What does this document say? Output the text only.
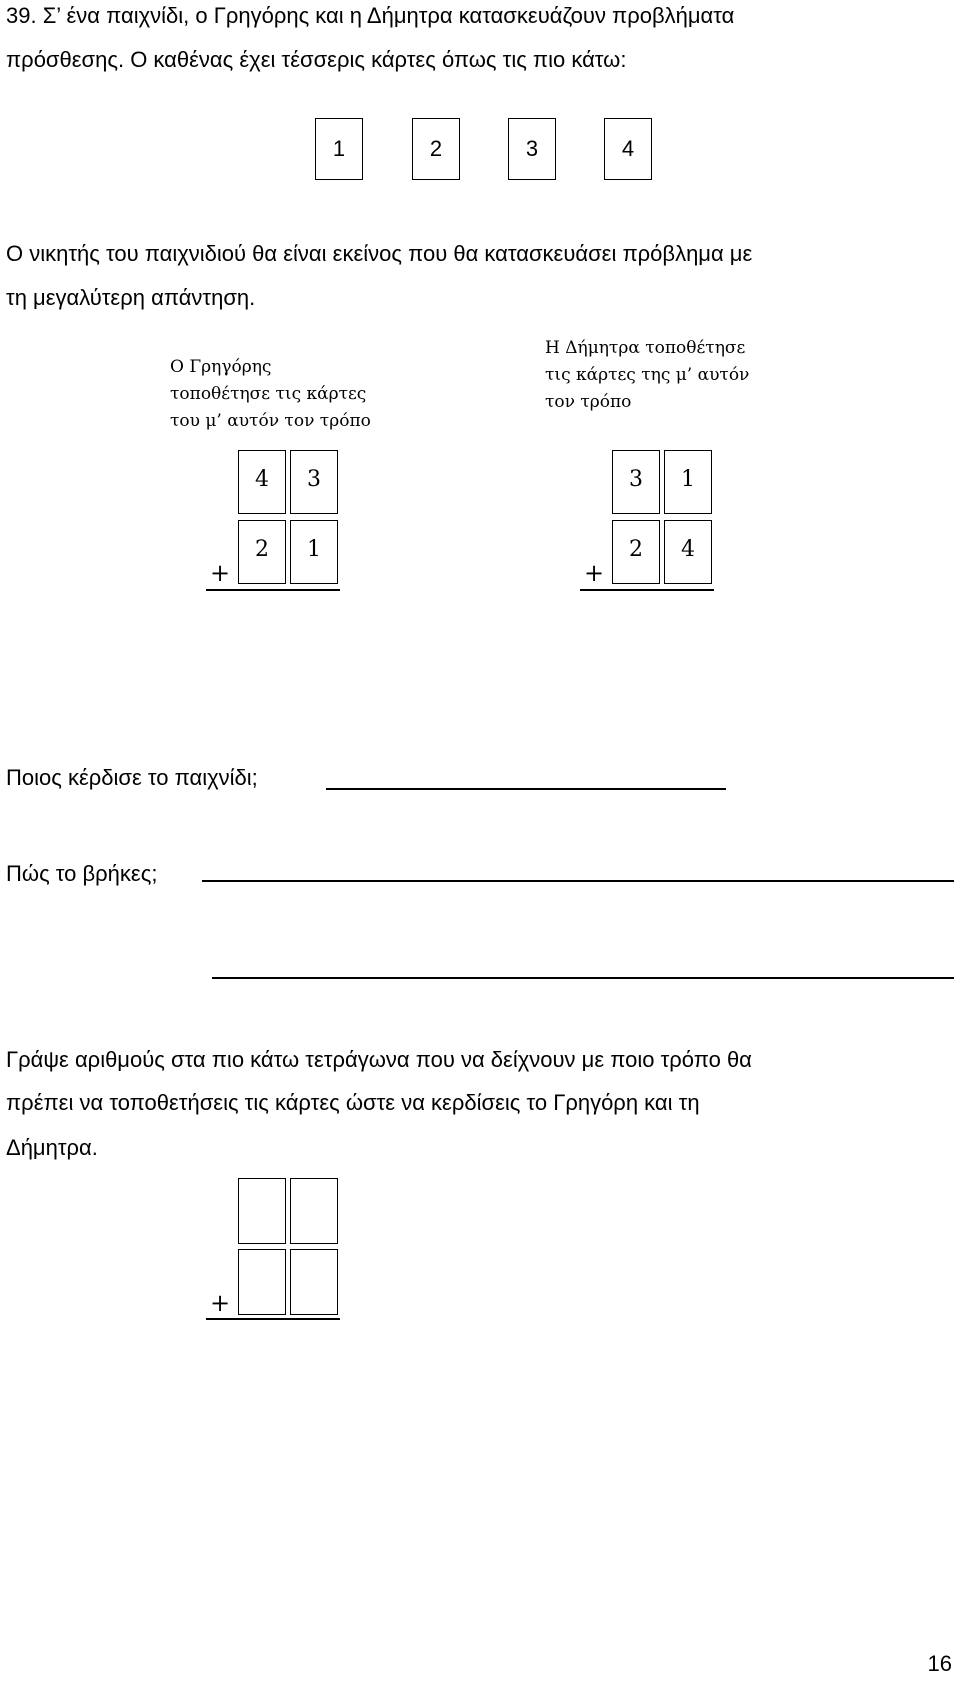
39. Σ’ ένα παιχνίδι, ο Γρηγόρης και η Δήμητρα κατασκευάζουν προβλήματα
πρόσθεσης. Ο καθένας έχει τέσσερις κάρτες όπως τις πιο κάτω:
1	2	3	4
Ο νικητής του παιχνιδιού θα είναι εκείνος που θα κατασκευάσει πρόβλημα με
τη μεγαλύτερη απάντηση.
Ο Γρηγόρης
τοποθέτησε τις κάρτες
του μ’ αυτόν τον τρόπο
Η Δήμητρα τοποθέτησε
τις κάρτες της μ’ αυτόν
τον τρόπο
4	3
2	1
+
3	1
2	4
+
Ποιος κέρδισε το παιχνίδι;
Πώς το βρήκες;
Γράψε αριθμούς στα πιο κάτω τετράγωνα που να δείχνουν με ποιο τρόπο θα
πρέπει να τοποθετήσεις τις κάρτες ώστε να κερδίσεις το Γρηγόρη και τη
Δήμητρα.
+
16
